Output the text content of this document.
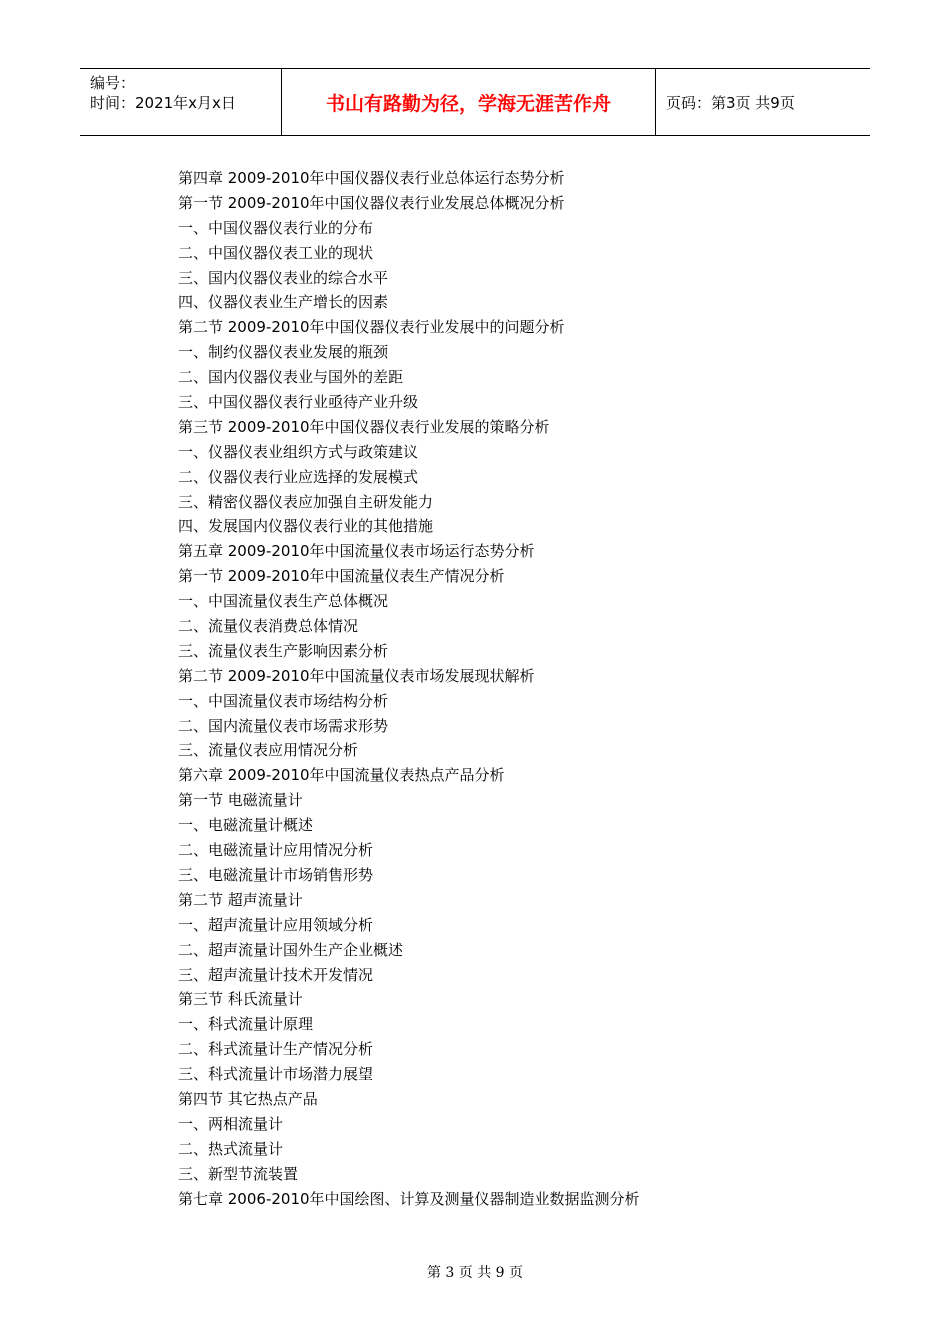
编号：
时间：2021年x月x日	书山有路勤为径，学海无涯苦作舟	页码：第3页 共9页
第四章 2009-2010年中国仪器仪表行业总体运行态势分析
第一节 2009-2010年中国仪器仪表行业发展总体概况分析
一、中国仪器仪表行业的分布
二、中国仪器仪表工业的现状
三、国内仪器仪表业的综合水平
四、仪器仪表业生产增长的因素
第二节 2009-2010年中国仪器仪表行业发展中的问题分析
一、制约仪器仪表业发展的瓶颈
二、国内仪器仪表业与国外的差距
三、中国仪器仪表行业亟待产业升级
第三节 2009-2010年中国仪器仪表行业发展的策略分析
一、仪器仪表业组织方式与政策建议
二、仪器仪表行业应选择的发展模式
三、精密仪器仪表应加强自主研发能力
四、发展国内仪器仪表行业的其他措施
第五章 2009-2010年中国流量仪表市场运行态势分析
第一节 2009-2010年中国流量仪表生产情况分析
一、中国流量仪表生产总体概况
二、流量仪表消费总体情况
三、流量仪表生产影响因素分析
第二节 2009-2010年中国流量仪表市场发展现状解析
一、中国流量仪表市场结构分析
二、国内流量仪表市场需求形势
三、流量仪表应用情况分析
第六章 2009-2010年中国流量仪表热点产品分析
第一节 电磁流量计
一、电磁流量计概述
二、电磁流量计应用情况分析
三、电磁流量计市场销售形势
第二节 超声流量计
一、超声流量计应用领域分析
二、超声流量计国外生产企业概述
三、超声流量计技术开发情况
第三节 科氏流量计
一、科式流量计原理
二、科式流量计生产情况分析
三、科式流量计市场潜力展望
第四节 其它热点产品
一、两相流量计
二、热式流量计
三、新型节流装置
第七章 2006-2010年中国绘图、计算及测量仪器制造业数据监测分析
第 3 页 共 9 页
